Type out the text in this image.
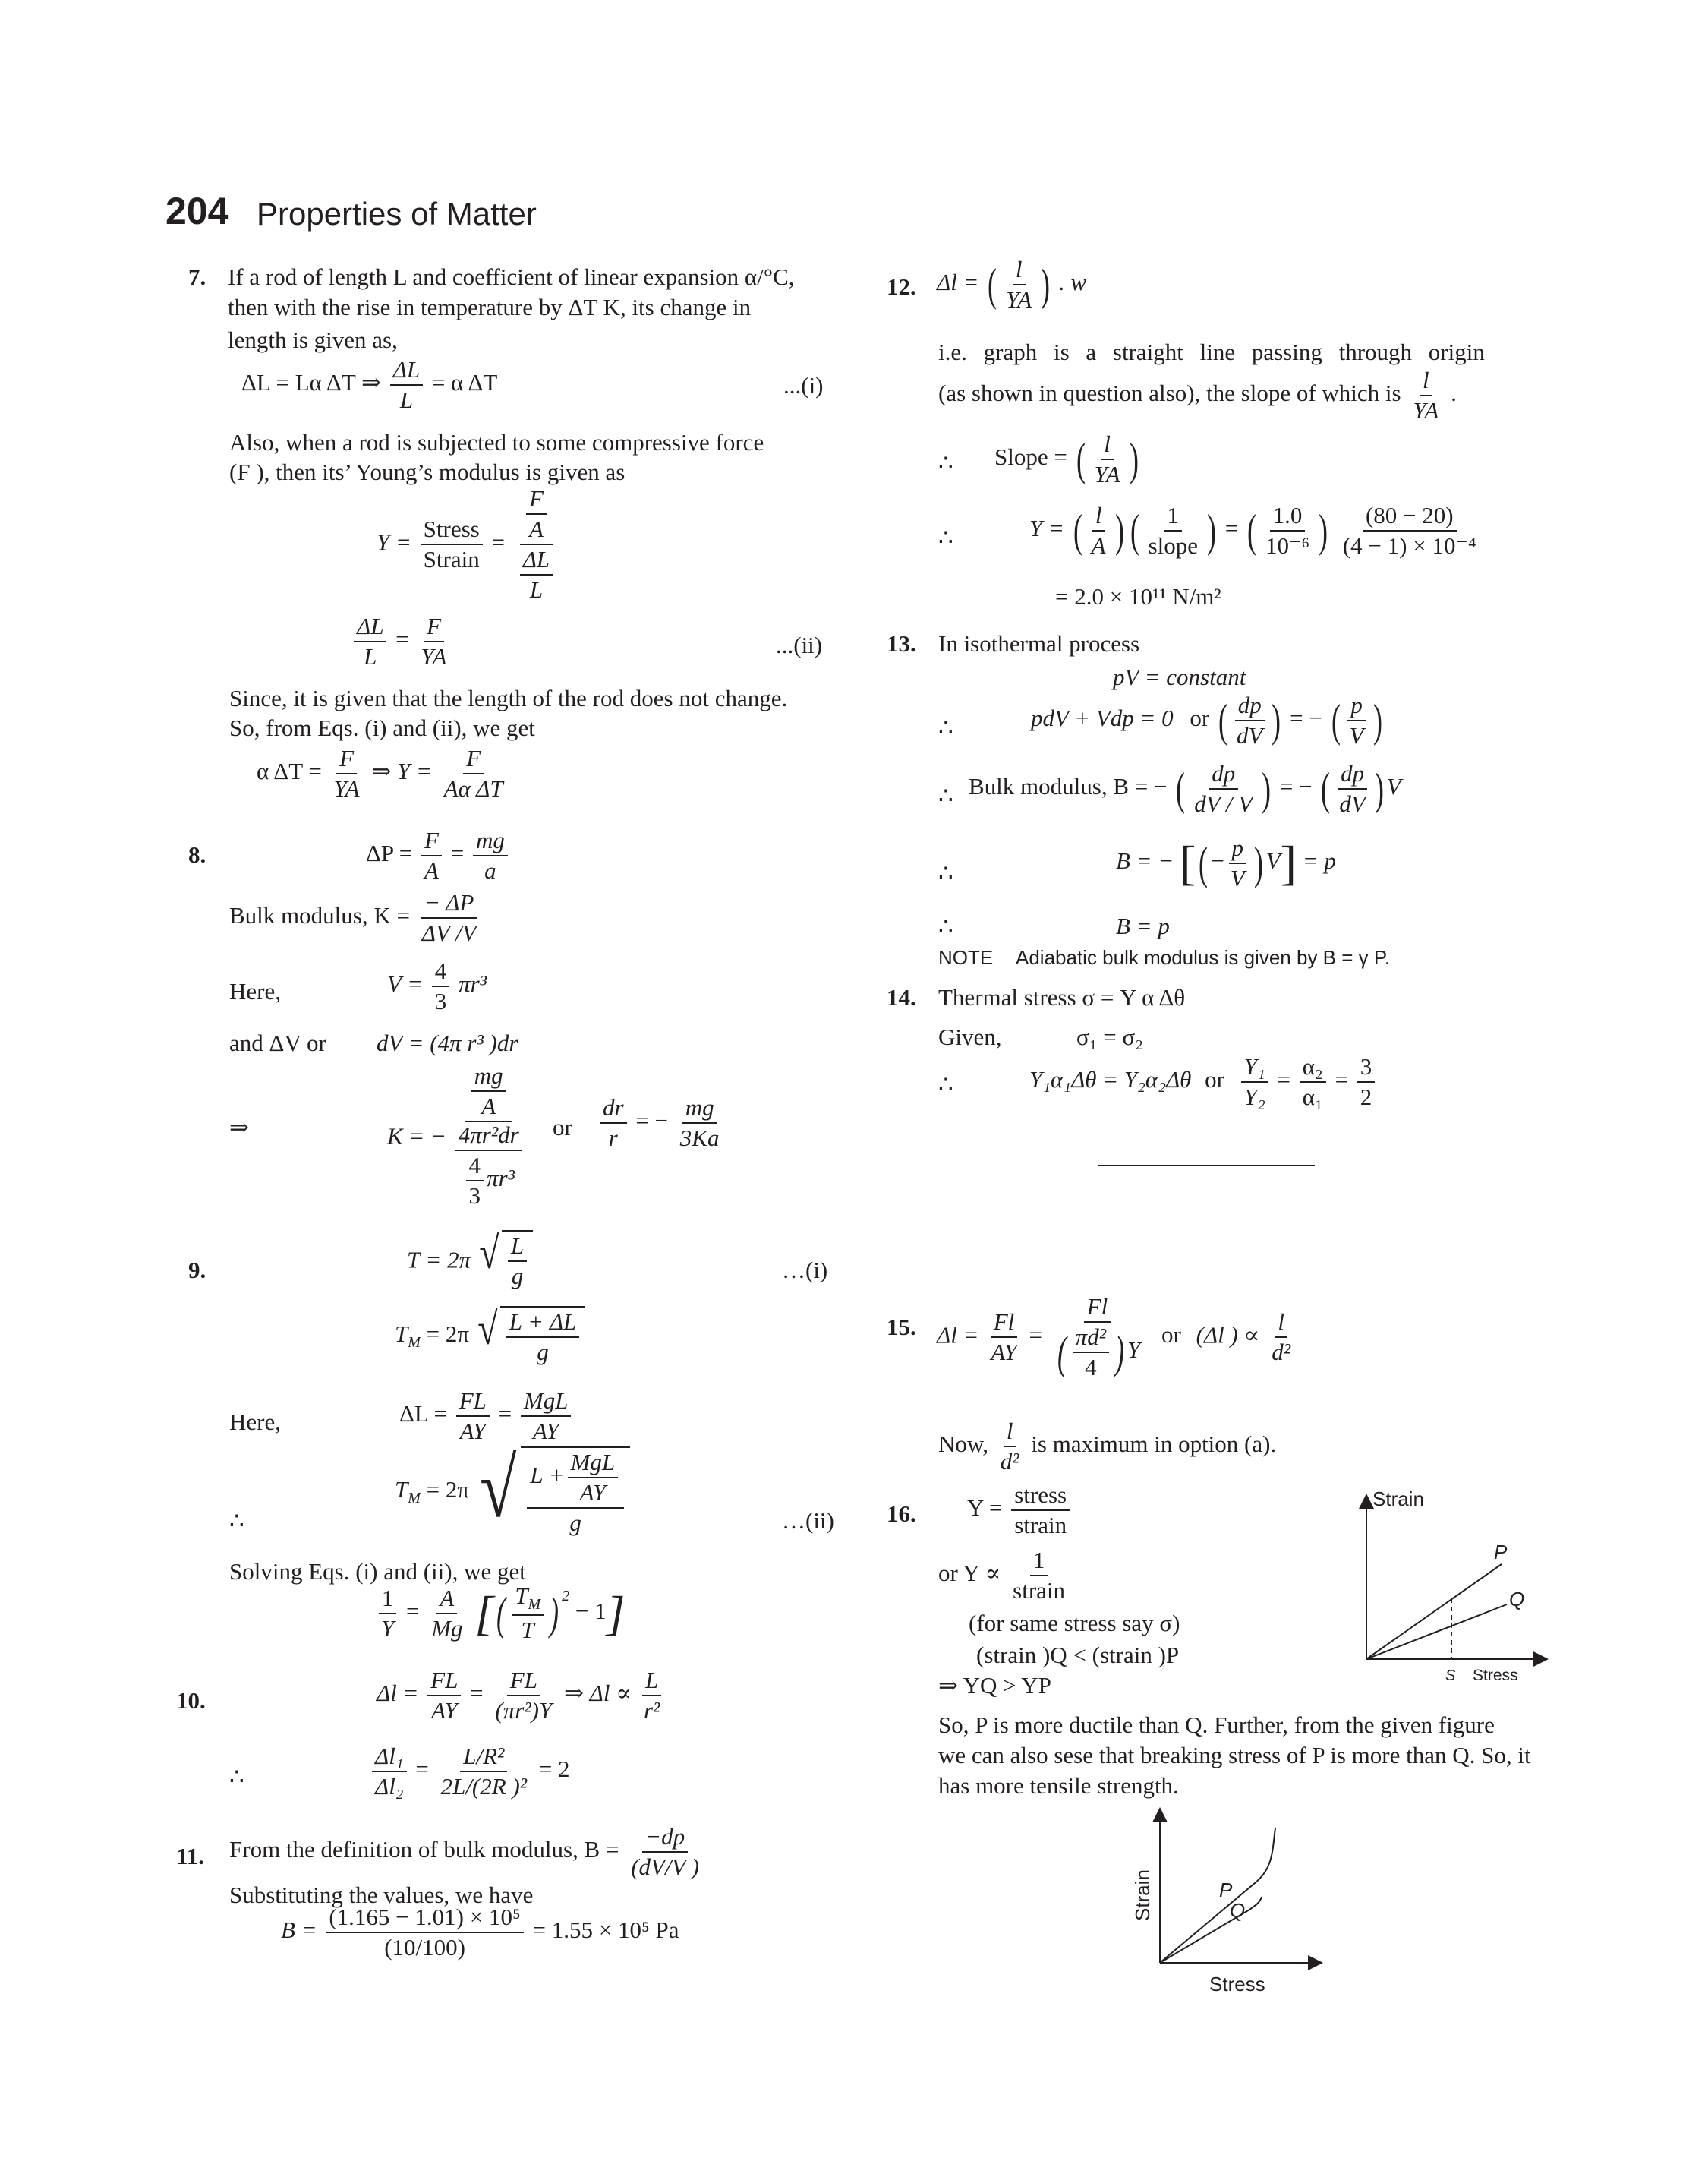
204 Properties of Matter
7. If a rod of length L and coefficient of linear expansion α/°C,
then with the rise in temperature by ΔT K, its change in
length is given as,
ΔL = Lα ΔT ⇒ $\frac{\Delta L}{L} = \alpha$ ΔT	...(i)
Also, when a rod is subjected to some compressive force
(F ), then its’ Young’s modulus is given as
$Y = \frac{\text{Stress}}{\text{Strain}} = \frac{\frac{F}{A}}{\frac{\Delta L}{L}}$
$\frac{\Delta L}{L} = \frac{F}{YA}$	...(ii)
Since, it is given that the length of the rod does not change.
So, from Eqs. (i) and (ii), we get
α $\Delta T = \frac{F}{YA}$ ⇒ $Y = \frac{F}{\text{Aα ΔT}}$
8.	$\Delta P = \frac{F}{A} = \frac{mg}{a}$
Bulk modulus, $K = \frac{- \Delta P}{\Delta V /V}$
Here,	$V = \frac{4}{3} \pi r^3$
and ΔV or dV = (4π r³ )dr
⇒	K = −
$\frac{mg}{A}$
4πr²dr
$\frac{4}{3} \pi r^3$
or $\frac{dr}{r}$ = − $\frac{mg}{3Ka}$
9.	T = 2π √ $\frac{L}{g}$	…(i)
$T_M = 2\pi$ √ $\frac{L + \Delta L}{g}$
Here,	$\Delta L = \frac{FL}{AY} = \frac{\text{MgL}}{AY}$
∴
$T_M = 2\pi$ √ $\frac{L + \frac{\text{MgL}}{AY}}{g}$	…(ii)
Solving Eqs. (i) and (ii), we get
$\frac{1}{Y} = \frac{A}{Mg}$ [( $\frac{T_M}{T}$ ) $^2$ − 1]
10.	$\Delta l = \frac{FL}{AY} = \frac{FL}{\text{(πr²)Y}}$ ⇒ $\Delta l \propto \frac{L}{\text{r²}}$
∴	$\frac{\text{Δl₁}}{\text{Δl₂}} = \frac{\text{L/R²}}{\text{2L/(2R )²}} = 2$
11. From the definition of bulk modulus, $B = \frac{-dp}{(dV/V )}$
Substituting the values, we have
$B = \frac{\text{(1.165 − 1.01) × 10⁵}}{(10/100)} = 1.55 \times 10^5$ Pa
12. Δl = ( $\frac{l}{YA}$ ) . w
i.e. graph is a straight line passing through origin
(as shown in question also), the slope of which is $\frac{l}{YA}$ .
∴ Slope = ( $\frac{l}{YA}$ )
∴	Y = ( $\frac{l}{A}$ ) ( $\frac{1}{\text{slope}}$ ) = ( $\frac{1.0}{\text{10⁻⁶}}$ ) $\frac{(80 - 20)}{\text{(4 − 1) × 10⁻⁴}}$
= 2.0 × 10¹¹ N/m²
13. In isothermal process
pV = constant
∴	pdV + Vdp = 0 or ( $\frac{dp}{dV}$ ) = − ( $\frac{p}{V}$ )
∴ Bulk modulus, B = − ( $\frac{dp}{dV / V}$ ) = − ( $\frac{dp}{dV}$ ) V
∴	B = − [( − $\frac{p}{V}$ ) V] = p
∴	B = p
NOTE Adiabatic bulk modulus is given by B = γ P.
14. Thermal stress σ = Y α Δθ
Given,	σ₁ = σ₂
∴	Y₁α₁Δθ = Y₂α₂Δθ or $\frac{\text{Y₁}}{\text{Y₂}} = \frac{\text{α₂}}{\text{α₁}} = \frac{3}{2}$
15. $\Delta l = \frac{Fl}{AY} = \frac{Fl}{( \frac{\text{πd²}}{4} ) Y}$ or (Δl ) ∝ $\frac{l}{\text{d²}}$
Now, $\frac{l}{\text{d²}}$ is maximum in option (a).
16. $Y = \frac{\text{stress}}{\text{strain}}$
or $Y \propto \frac{1}{\text{strain}}$
(for same stress say σ)
(strain )Q < (strain )P
⇒ YQ > YP
So, P is more ductile than Q. Further, from the given figure
we can also sese that breaking stress of P is more than Q. So, it
has more tensile strength.
Strain
Stress
S
P
Q
Strain
Stress
P
Q
